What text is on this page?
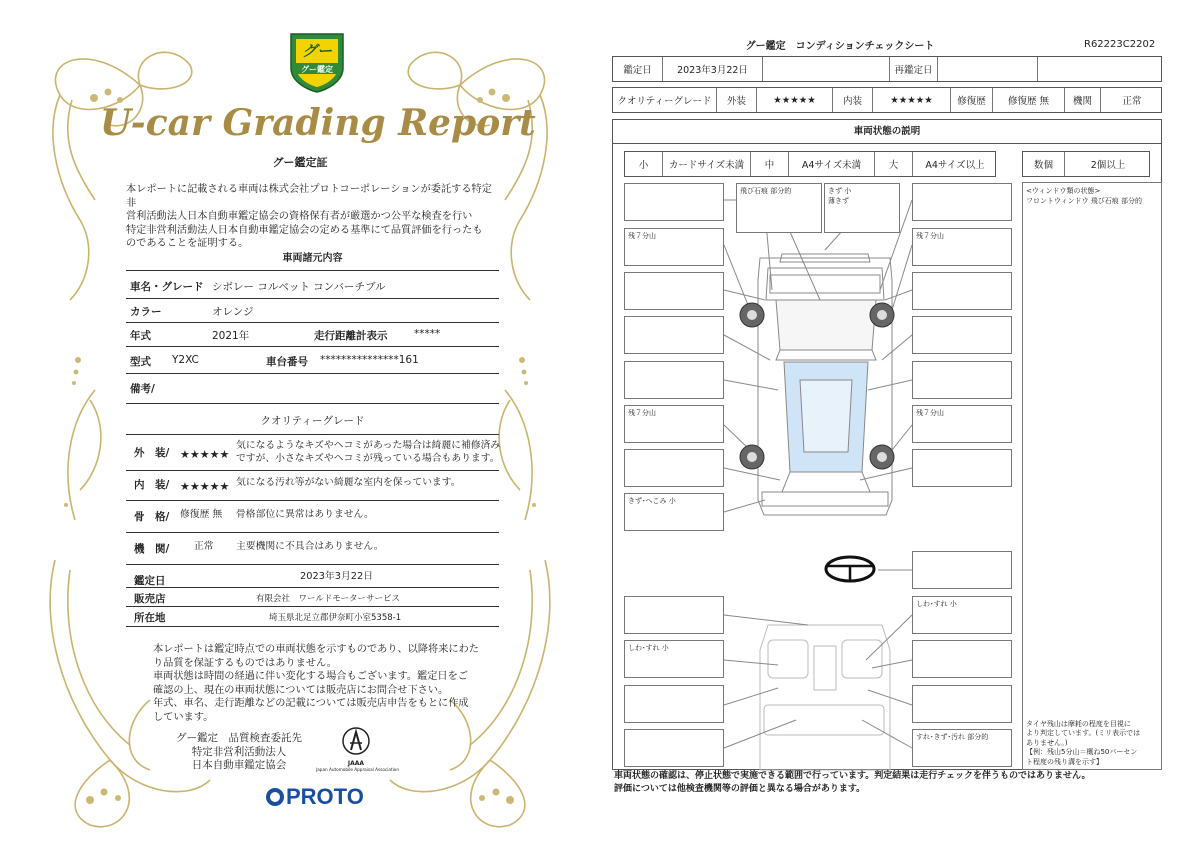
グー
グー鑑定
U-car Grading Report
グー鑑定証
本レポートに記載される車両は株式会社プロトコーポレーションが委託する特定非
営利活動法人日本自動車鑑定協会の資格保有者が厳選かつ公平な検査を行い
特定非営利活動法人日本自動車鑑定協会の定める基準にて品質評価を行ったも
のであることを証明する。
車両諸元内容
車名・グレード シボレー コルベット コンバーチブル
カラー	オレンジ
年式	2021年	走行距離計表示	*****
型式 Y2XC	車台番号 ***************161
備考/
クオリティーグレード
外　装/ ★★★★★
気になるようなキズやヘコミがあった場合は綺麗に補修済み
ですが、小さなキズやヘコミが残っている場合もあります。
内　装/ ★★★★★ 気になる汚れ等がない綺麗な室内を保っています。
骨　格/ 修復歴 無 骨格部位に異常はありません。
機　関/	正常 主要機関に不具合はありません。
鑑定日	2023年3月22日
販売店	有限会社　ワールドモーターサービス
所在地	埼玉県北足立郡伊奈町小室5358-1
本レポートは鑑定時点での車両状態を示すものであり、以降将来にわた
り品質を保証するものではありません。
車両状態は時間の経過に伴い変化する場合もございます。鑑定日をご
確認の上、現在の車両状態については販売店にお問合せ下さい。
年式、車名、走行距離などの記載については販売店申告をもとに作成
しています。
グー鑑定　品質検査委託先
特定非営利活動法人
日本自動車鑑定協会	JAAA
Japan Automobile Appraisal Association
PROTO
グー鑑定　コンディションチェックシート	R62223C2202
鑑定日	2023年3月22日	再鑑定日
クオリティーグレード	外装	★★★★★	内装	★★★★★	修復歴	修復歴 無	機関	正常
車両状態の説明
小	カードサイズ未満	中	A4サイズ未満	大	A4サイズ以上	数個	2個以上
残７分山
残７分山
きず･へこみ 小
飛び石痕 部分的	きず 小
薄きず
残７分山
残７分山
しわ･すれ 小
しわ･すれ 小
すれ･きず･汚れ 部分的
<ウィンドウ類の状態>
フロントウィンドウ 飛び石痕 部分的
タイヤ残山は摩耗の程度を目視に
より判定しています。(ミリ表示では
ありません。)
【例：残山5分山＝概ね50パーセン
ト程度の残り溝を示す】
車両状態の確認は、停止状態で実施できる範囲で行っています。判定結果は走行チェックを伴うものではありません。
評価については他検査機関等の評価と異なる場合があります。
